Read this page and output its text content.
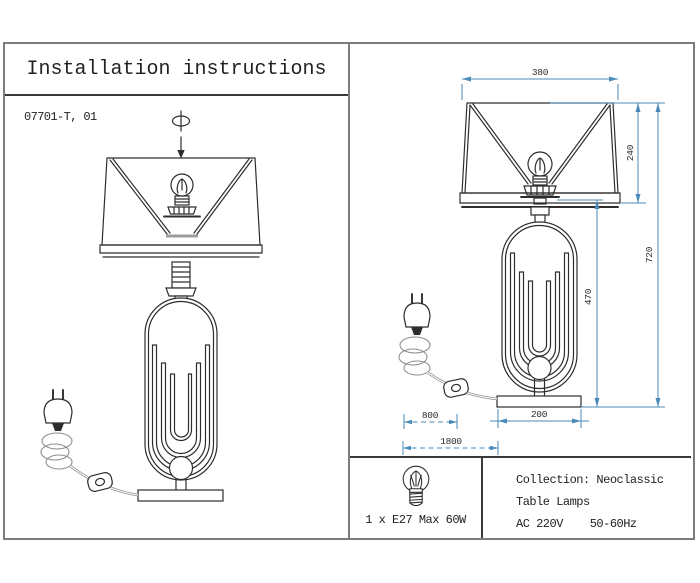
380
240
720
470
200
800
1800
Installation instructions
07701-T, 01
1 x E27 Max 60W
Collection: Neoclassic
Table Lamps
AC 220V    50-60Hz
